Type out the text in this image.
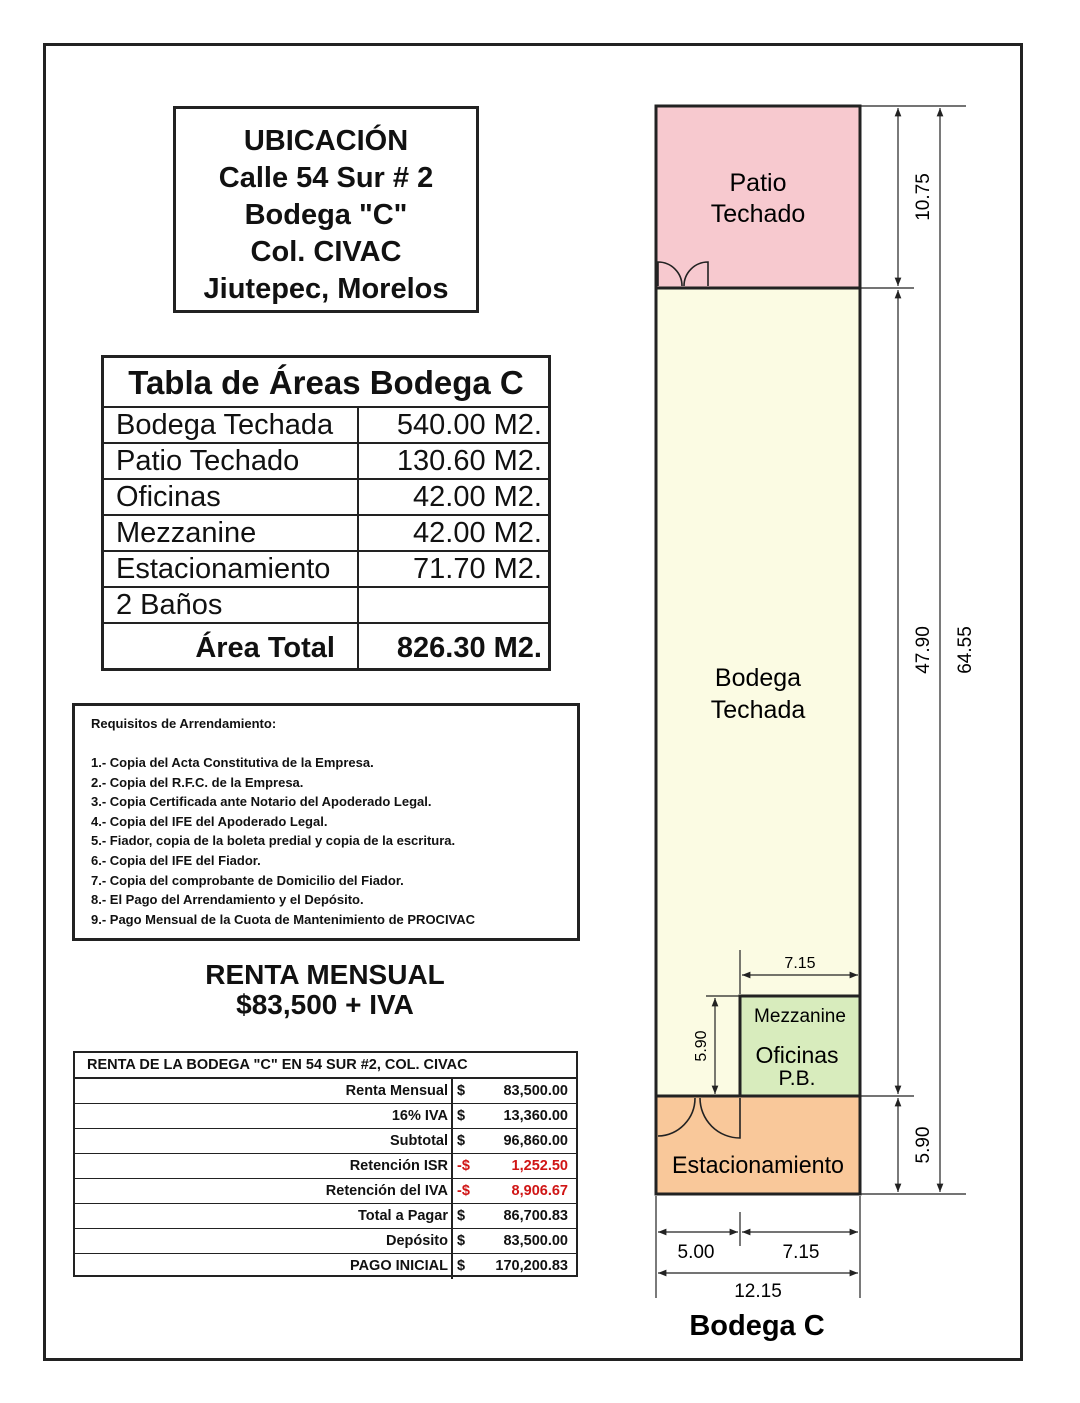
UBICACIÓN
Calle 54 Sur # 2
Bodega "C"
Col. CIVAC
Jiutepec, Morelos
Tabla de Áreas Bodega C
Bodega Techada	540.00 M2.
Patio Techado	130.60 M2.
Oficinas	42.00 M2.
Mezzanine	42.00 M2.
Estacionamiento	71.70 M2.
2 Baños
Área Total	826.30 M2.
Requisitos de Arrendamiento:
1.- Copia del Acta Constitutiva de la Empresa.
2.- Copia del R.F.C. de la Empresa.
3.- Copia Certificada ante Notario del Apoderado Legal.
4.- Copia del IFE del Apoderado Legal.
5.- Fiador, copia de la boleta predial y copia de la escritura.
6.- Copia del IFE del Fiador.
7.- Copia del comprobante de Domicilio del Fiador.
8.- El Pago del Arrendamiento y el Depósito.
9.- Pago Mensual de la Cuota de Mantenimiento de PROCIVAC
RENTA MENSUAL
$83,500 + IVA
RENTA DE LA BODEGA "C" EN 54 SUR #2, COL. CIVAC
Renta Mensual $	83,500.00
16% IVA $	13,360.00
Subtotal $	96,860.00
Retención ISR -$	1,252.50
Retención del IVA -$	8,906.67
Total a Pagar $	86,700.83
Depósito $	83,500.00
PAGO INICIAL $	170,200.83
Patio
Techado
Bodega
Techada
Mezzanine
Oficinas
P.B.
Estacionamiento
10.75
47.90 64.55
5.90
5.90
7.15
5.00	7.15
12.15
Bodega C
